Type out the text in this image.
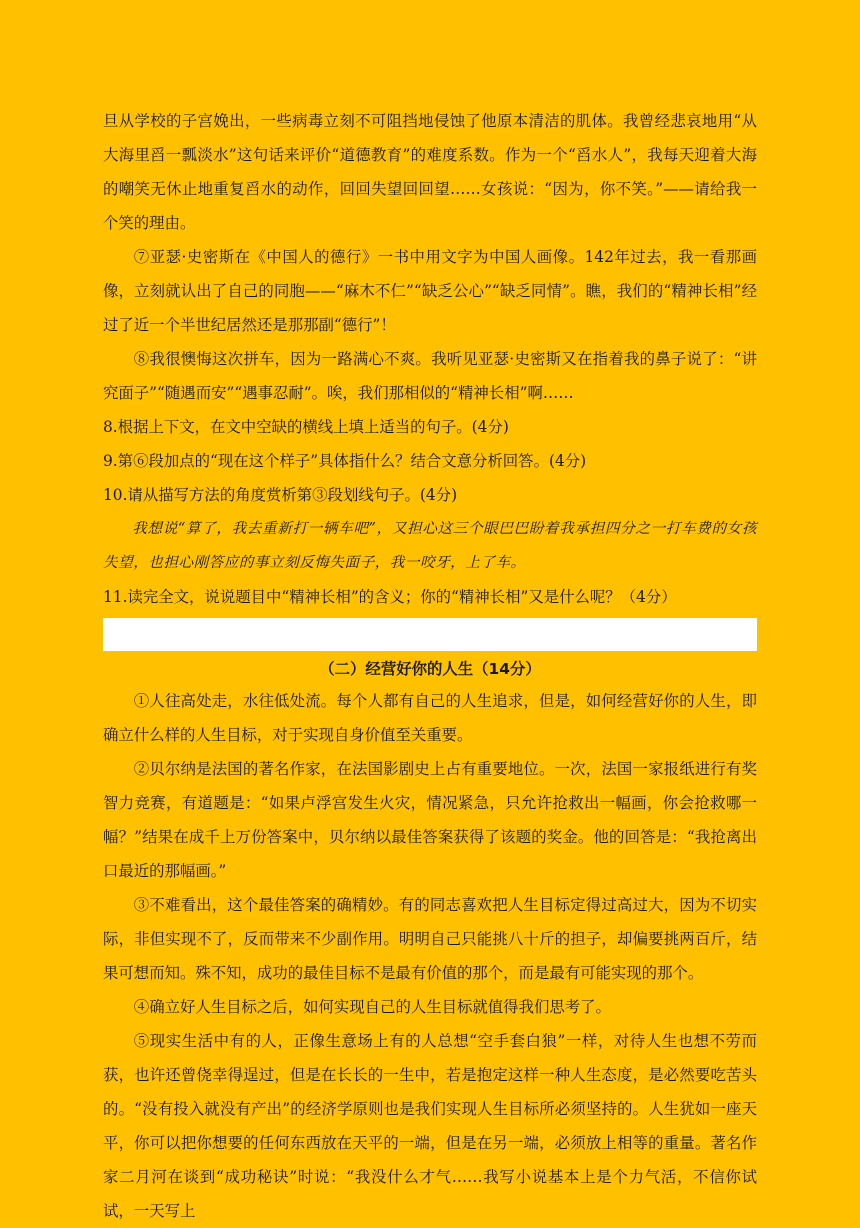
旦从学校的子宫娩出，一些病毒立刻不可阻挡地侵蚀了他原本清洁的肌体。我曾经悲哀地用“从大海里舀一瓢淡水”这句话来评价“道德教育”的难度系数。作为一个“舀水人”，我每天迎着大海的嘲笑无休止地重复舀水的动作，回回失望回回望……女孩说：“因为，你不笑。”——请给我一个笑的理由。

⑦亚瑟·史密斯在《中国人的德行》一书中用文字为中国人画像。142年过去，我一看那画像，立刻就认出了自己的同胞——“麻木不仁”“缺乏公心”“缺乏同情”。瞧，我们的“精神长相”经过了近一个半世纪居然还是那那副“德行”！

⑧我很懊悔这次拼车，因为一路满心不爽。我听见亚瑟·史密斯又在指着我的鼻子说了：“讲究面子”“随遇而安”“遇事忍耐”。唉，我们那相似的“精神长相”啊……

8.根据上下文，在文中空缺的横线上填上适当的句子。(4分)

9.第⑥段加点的“现在这个样子”具体指什么？结合文意分析回答。(4分)

10.请从描写方法的角度赏析第③段划线句子。(4分)

我想说“算了，我去重新打一辆车吧”，又担心这三个眼巴巴盼着我承担四分之一打车费的女孩失望，也担心刚答应的事立刻反悔失面子，我一咬牙，上了车。

11.读完全文，说说题目中“精神长相”的含义；你的“精神长相”又是什么呢？（4分）

（二）经营好你的人生（14分）

①人往高处走，水往低处流。每个人都有自己的人生追求，但是，如何经营好你的人生，即确立什么样的人生目标，对于实现自身价值至关重要。

②贝尔纳是法国的著名作家，在法国影剧史上占有重要地位。一次，法国一家报纸进行有奖智力竞赛，有道题是：“如果卢浮宫发生火灾，情况紧急，只允许抢救出一幅画，你会抢救哪一幅？”结果在成千上万份答案中，贝尔纳以最佳答案获得了该题的奖金。他的回答是：“我抢离出口最近的那幅画。”

③不难看出，这个最佳答案的确精妙。有的同志喜欢把人生目标定得过高过大，因为不切实际，非但实现不了，反而带来不少副作用。明明自己只能挑八十斤的担子，却偏要挑两百斤，结果可想而知。殊不知，成功的最佳目标不是最有价值的那个，而是最有可能实现的那个。

④确立好人生目标之后，如何实现自己的人生目标就值得我们思考了。

⑤现实生活中有的人，正像生意场上有的人总想“空手套白狼”一样，对待人生也想不劳而获，也许还曾侥幸得逞过，但是在长长的一生中，若是抱定这样一种人生态度，是必然要吃苦头的。“没有投入就没有产出”的经济学原则也是我们实现人生目标所必须坚持的。人生犹如一座天平，你可以把你想要的任何东西放在天平的一端，但是在另一端，必须放上相等的重量。著名作家二月河在谈到“成功秘诀”时说：“我没什么才气……我写小说基本上是个力气活，不信你试试，一天写上
